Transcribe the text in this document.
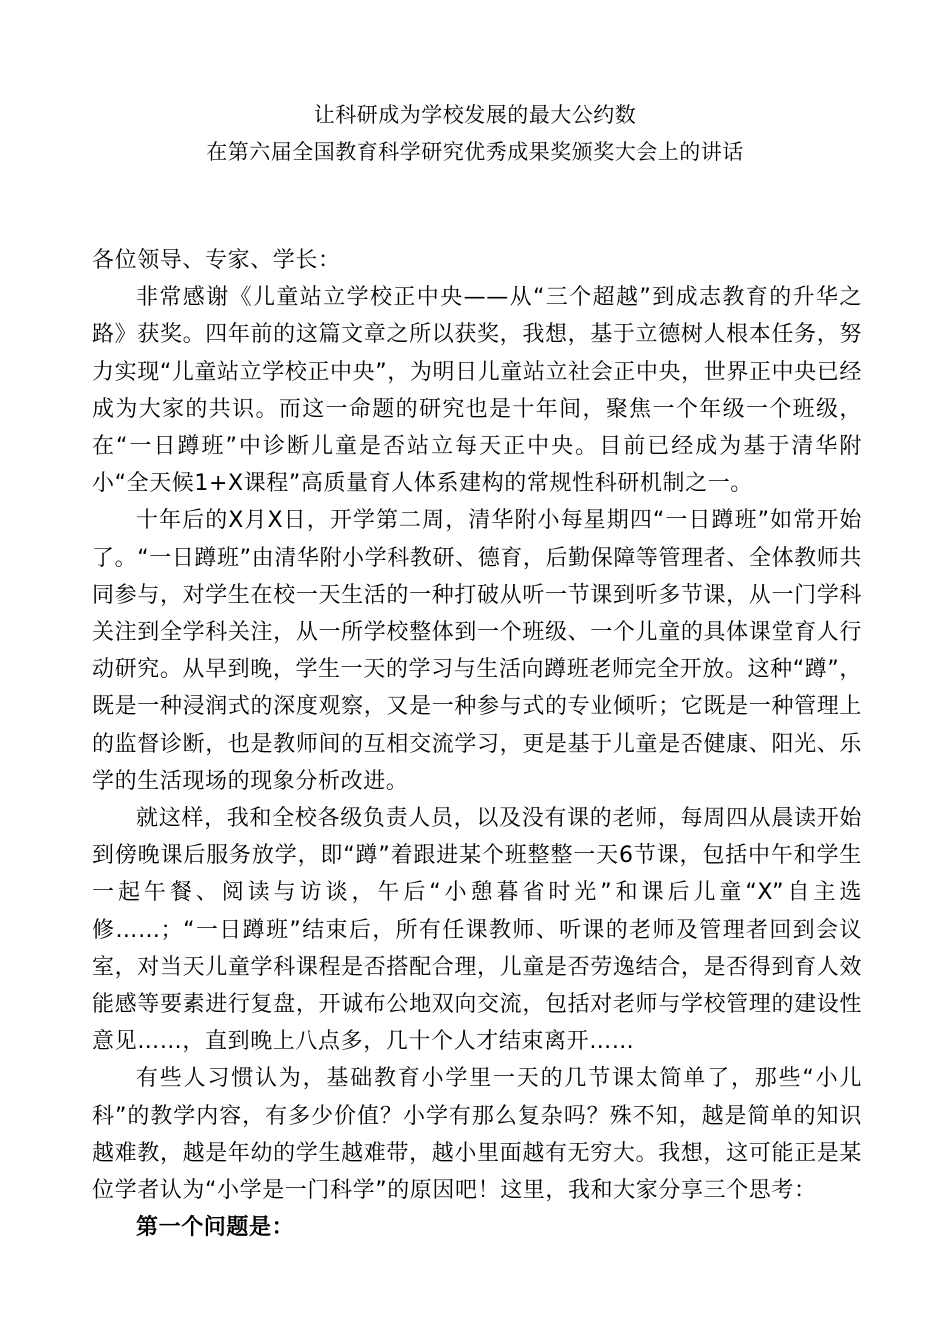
让科研成为学校发展的最大公约数
在第六届全国教育科学研究优秀成果奖颁奖大会上的讲话

各位领导、专家、学长：

非常感谢《儿童站立学校正中央——从“三个超越”到成志教育的升华之路》获奖。四年前的这篇文章之所以获奖，我想，基于立德树人根本任务，努力实现“儿童站立学校正中央”，为明日儿童站立社会正中央，世界正中央已经成为大家的共识。而这一命题的研究也是十年间，聚焦一个年级一个班级，在“一日蹲班”中诊断儿童是否站立每天正中央。目前已经成为基于清华附小“全天候1+X课程”高质量育人体系建构的常规性科研机制之一。

十年后的X月X日，开学第二周，清华附小每星期四“一日蹲班”如常开始了。“一日蹲班”由清华附小学科教研、德育，后勤保障等管理者、全体教师共同参与，对学生在校一天生活的一种打破从听一节课到听多节课，从一门学科关注到全学科关注，从一所学校整体到一个班级、一个儿童的具体课堂育人行动研究。从早到晚，学生一天的学习与生活向蹲班老师完全开放。这种“蹲”，既是一种浸润式的深度观察，又是一种参与式的专业倾听；它既是一种管理上的监督诊断，也是教师间的互相交流学习，更是基于儿童是否健康、阳光、乐学的生活现场的现象分析改进。

就这样，我和全校各级负责人员，以及没有课的老师，每周四从晨读开始到傍晚课后服务放学，即“蹲”着跟进某个班整整一天6节课，包括中午和学生一起午餐、阅读与访谈，午后“小憩暮省时光”和课后儿童“X”自主选修……；“一日蹲班”结束后，所有任课教师、听课的老师及管理者回到会议室，对当天儿童学科课程是否搭配合理，儿童是否劳逸结合，是否得到育人效能感等要素进行复盘，开诚布公地双向交流，包括对老师与学校管理的建设性意见……，直到晚上八点多，几十个人才结束离开……

有些人习惯认为，基础教育小学里一天的几节课太简单了，那些“小儿科”的教学内容，有多少价值？小学有那么复杂吗？殊不知，越是简单的知识越难教，越是年幼的学生越难带，越小里面越有无穷大。我想，这可能正是某位学者认为“小学是一门科学”的原因吧！这里，我和大家分享三个思考：

第一个问题是：
